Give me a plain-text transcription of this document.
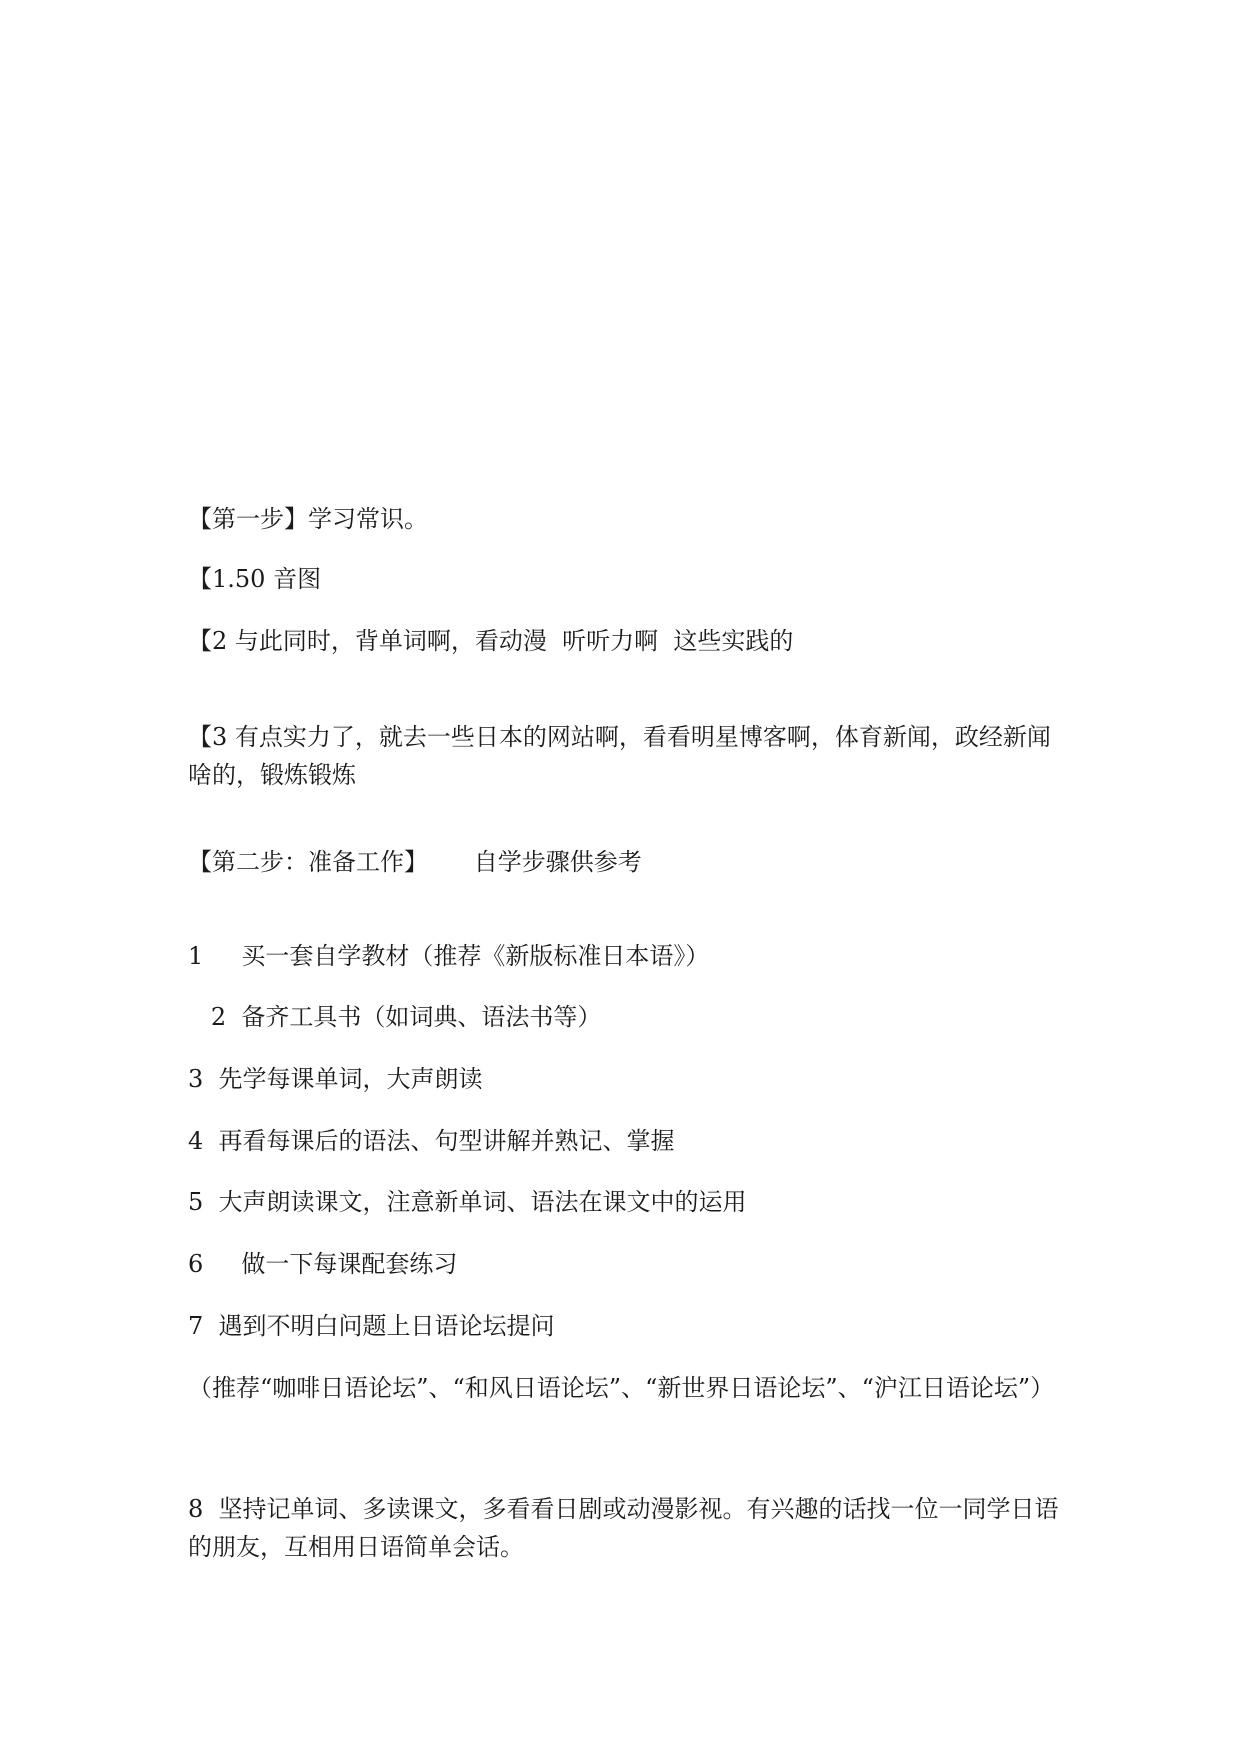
【第一步】学习常识。

【1.50 音图

【2 与此同时，背单词啊，看动漫  听听力啊  这些实践的

【3 有点实力了，就去一些日本的网站啊，看看明星博客啊，体育新闻，政经新闻啥的，锻炼锻炼

【第二步：准备工作】      自学步骤供参考

1     买一套自学教材（推荐《新版标准日本语》）

2  备齐工具书（如词典、语法书等）

3  先学每课单词，大声朗读

4  再看每课后的语法、句型讲解并熟记、掌握

5  大声朗读课文，注意新单词、语法在课文中的运用

6     做一下每课配套练习

7  遇到不明白问题上日语论坛提问

（推荐“咖啡日语论坛”、“和风日语论坛”、“新世界日语论坛”、“沪江日语论坛”）

8  坚持记单词、多读课文，多看看日剧或动漫影视。有兴趣的话找一位一同学日语的朋友，互相用日语简单会话。
